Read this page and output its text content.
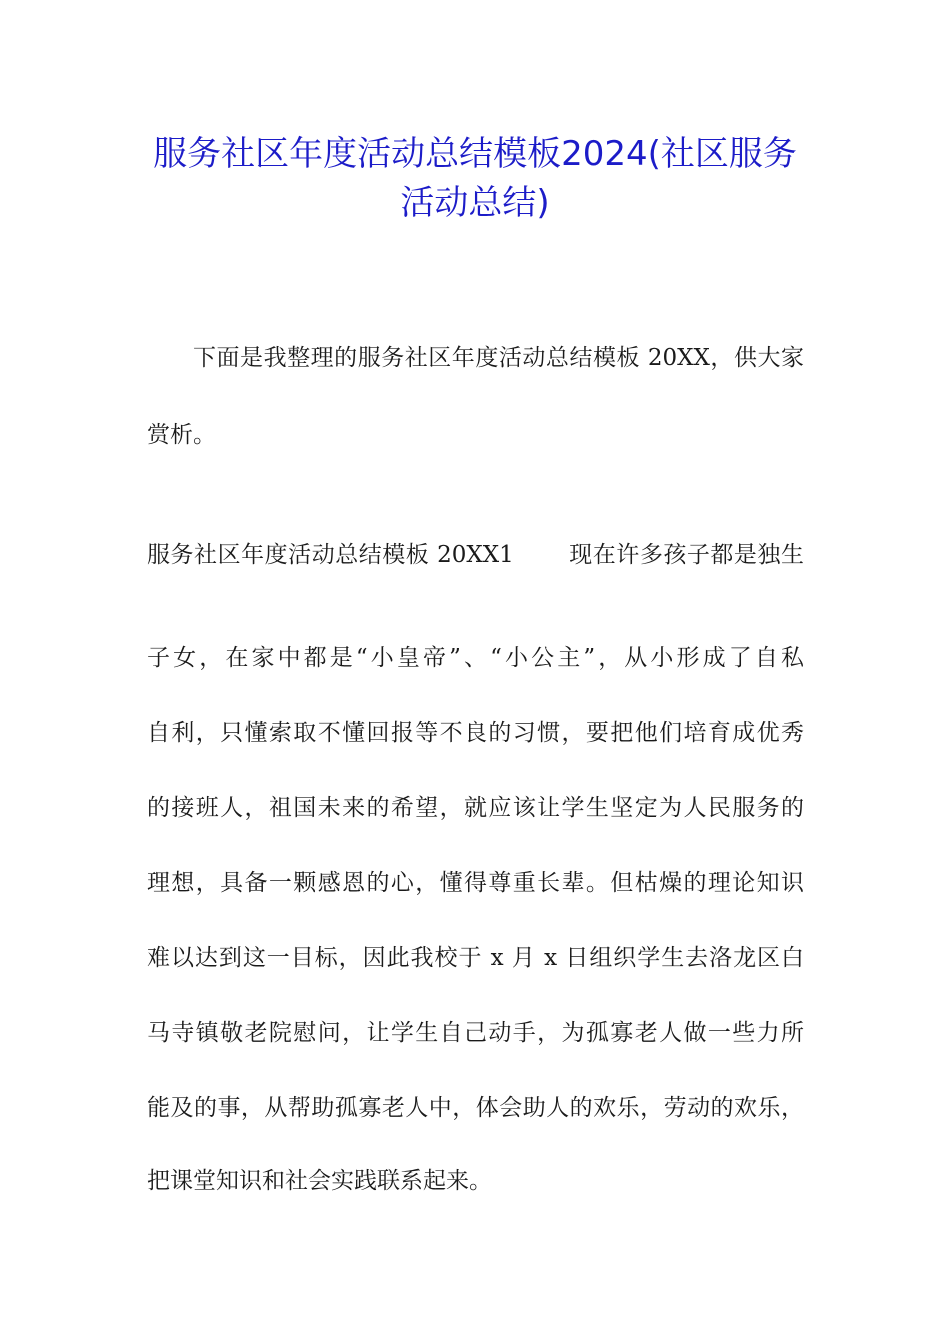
服务社区年度活动总结模板2024(社区服务
活动总结)
下面是我整理的服务社区年度活动总结模板 20XX，供大家
赏析。
服务社区年度活动总结模板 20XX1　　 现在许多孩子都是独生
子女，在家中都是“小皇帝”、“小公主”，从小形成了自私
自利，只懂索取不懂回报等不良的习惯，要把他们培育成优秀
的接班人，祖国未来的希望，就应该让学生坚定为人民服务的
理想，具备一颗感恩的心，懂得尊重长辈。但枯燥的理论知识
难以达到这一目标，因此我校于 x 月 x 日组织学生去洛龙区白
马寺镇敬老院慰问，让学生自己动手，为孤寡老人做一些力所
能及的事，从帮助孤寡老人中，体会助人的欢乐，劳动的欢乐，
把课堂知识和社会实践联系起来。
